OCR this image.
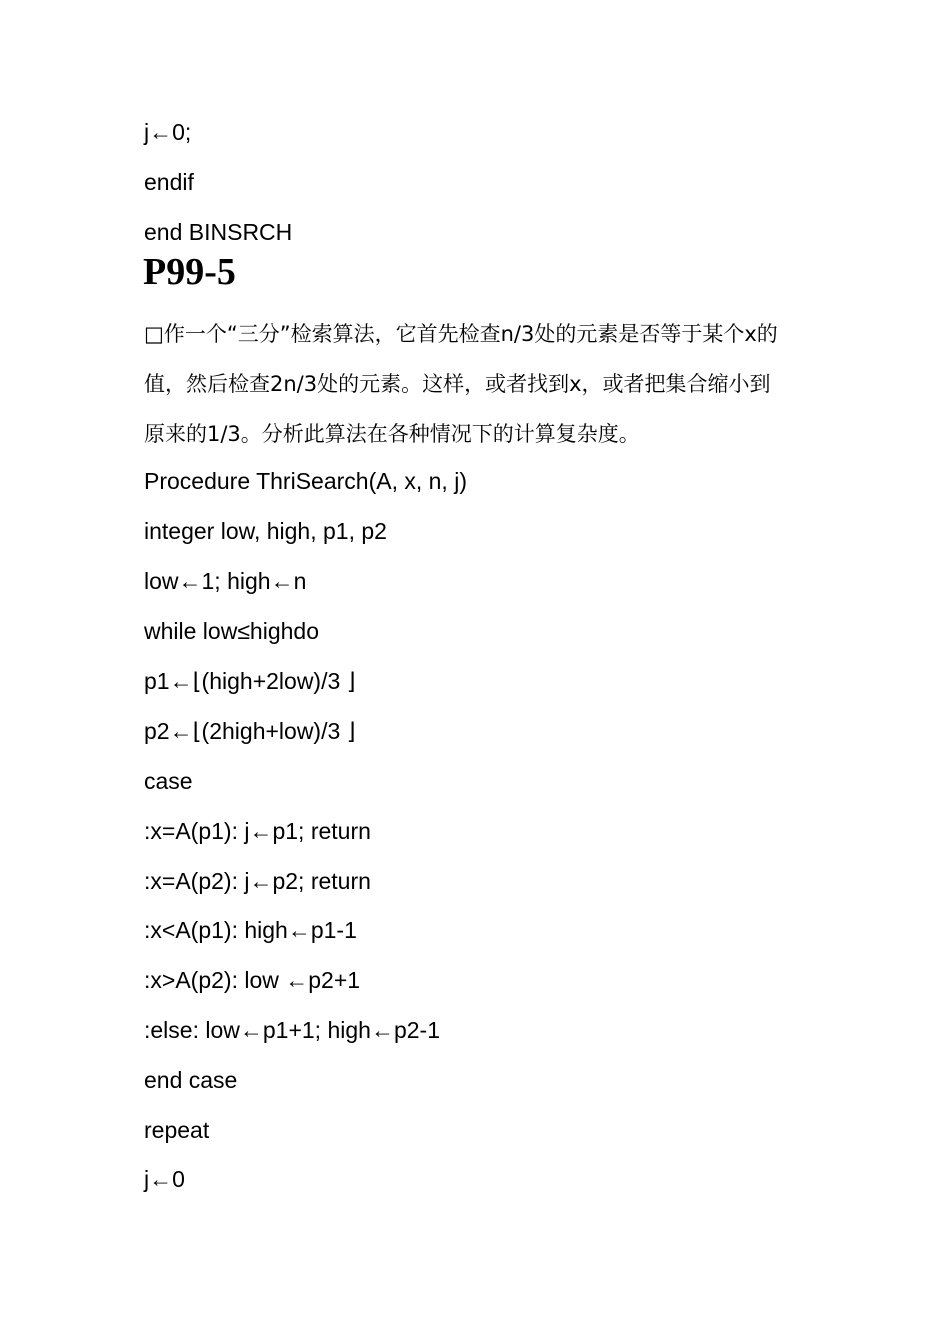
j←0;
endif
end BINSRCH
P99-5
□作一个“三分”检索算法，它首先检查n/3处的元素是否等于某个x的
值，然后检查2n/3处的元素。这样，或者找到x，或者把集合缩小到
原来的1/3。分析此算法在各种情况下的计算复杂度。
Procedure ThriSearch(A, x, n, j)
integer low, high, p1, p2
low←1; high←n
while low≤highdo
p1←⌊(high+2low)/3 ⌋
p2←⌊(2high+low)/3 ⌋
case
:x=A(p1): j←p1; return
:x=A(p2): j←p2; return
:x<A(p1): high←p1-1
:x>A(p2): low ←p2+1
:else: low←p1+1; high←p2-1
end case
repeat
j←0
